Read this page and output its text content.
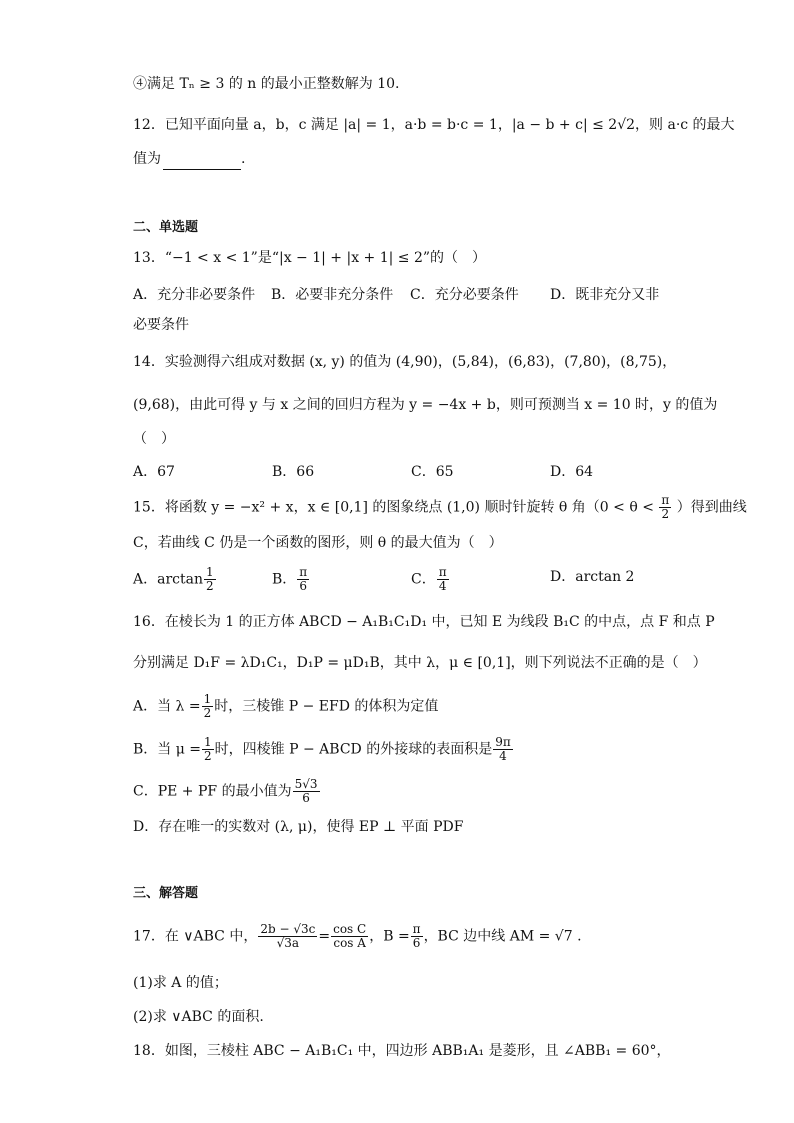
④满足 Tₙ ≥ 3 的 n 的最小正整数解为 10.
12．已知平面向量 a，b，c 满足 |a| = 1，a·b = b·c = 1，|a − b + c| ≤ 2√2，则 a·c 的最大
值为	.
二、单选题
13．“−1 < x < 1”是“|x − 1| + |x + 1| ≤ 2”的（　）
A．充分非必要条件	B．必要非充分条件	C．充分必要条件	D．既非充分又非
必要条件
14．实验测得六组成对数据 (x, y) 的值为 (4,90)，(5,84)，(6,83)，(7,80)，(8,75)，
(9,68)，由此可得 y 与 x 之间的回归方程为 y = −4x + b，则可预测当 x = 10 时，y 的值为
（　）
A．67	B．66	C．65	D．64
15．将函数 y = −x² + x，x ∈ [0,1] 的图象绕点 (1,0) 顺时针旋转 θ 角（$0 < \theta < \frac{\pi}{2}$ ）得到曲线
C，若曲线 C 仍是一个函数的图形，则 θ 的最大值为（　）
A．$\arctan \frac{1}{2}$	B． $\frac{\pi}{6}$	C． $\frac{\pi}{4}$	D．arctan 2
16．在棱长为 1 的正方体 ABCD − A₁B₁C₁D₁ 中，已知 E 为线段 B₁C 的中点，点 F 和点 P
分别满足 D₁F = λD₁C₁，D₁P = μD₁B，其中 λ，μ ∈ [0,1]，则下列说法不正确的是（　）
A．当 $\lambda = \frac{1}{2}$ 时，三棱锥 P − EFD 的体积为定值
B．当 $\mu = \frac{1}{2}$ 时，四棱锥 P − ABCD 的外接球的表面积是 $\frac{9\pi}{4}$
C．PE + PF 的最小值为 $\frac{5√3}{6}$
D．存在唯一的实数对 (λ, μ)，使得 EP ⊥ 平面 PDF
三、解答题
17．在 ∨ABC 中， $\frac{2b - √3c}{√3a} = \frac{\text{cos C}}{\text{cos A}}$ ，$B = \frac{\pi}{6}$ ，BC 边中线 AM = √7 .
(1)求 A 的值；
(2)求 ∨ABC 的面积.
18．如图，三棱柱 ABC − A₁B₁C₁ 中，四边形 ABB₁A₁ 是菱形，且 ∠ABB₁ = 60°，
